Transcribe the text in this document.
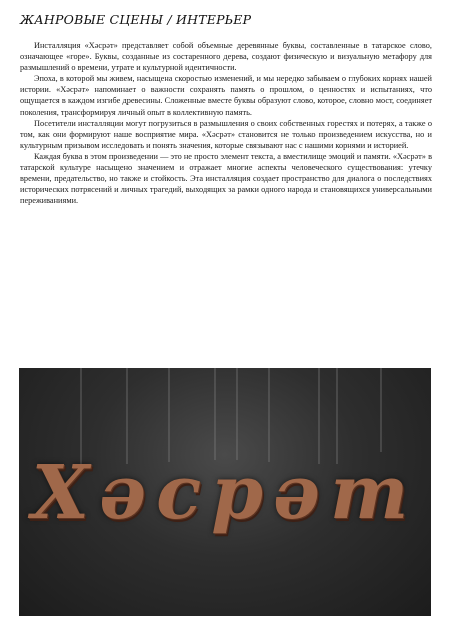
ЖАНРОВЫЕ СЦЕНЫ / ИНТЕРЬЕР

Инсталляция «Хәсрәт» представляет собой объемные деревянные буквы, составленные в татарское слово, означающее «горе». Буквы, созданные из состаренного дерева, создают физическую и визуальную метафору для размышлений о времени, утрате и культурной идентичности.

Эпоха, в которой мы живем, насыщена скоростью изменений, и мы нередко забываем о глубоких корнях нашей истории. «Хәсрәт» напоминает о важности сохранять память о прошлом, о ценностях и испытаниях, что ощущается в каждом изгибе древесины. Сложенные вместе буквы образуют слово, которое, словно мост, соединяет поколения, трансформируя личный опыт в коллективную память.

Посетители инсталляции могут погрузиться в размышления о своих собственных горестях и потерях, а также о том, как они формируют наше восприятие мира. «Хәсрәт» становится не только произведением искусства, но и культурным призывом исследовать и понять значения, которые связывают нас с нашими корнями и историей.

Каждая буква в этом произведении — это не просто элемент текста, а вместилище эмоций и памяти. «Хәсрәт» в татарской культуре насыщено значением и отражает многие аспекты человеческого существования: утечку времени, предательство, но также и стойкость. Эта инсталляция создает пространство для диалога о последствиях исторических потрясений и личных трагедий, выходящих за рамки одного народа и становящихся универсальными переживаниями.

Хәсрәт
